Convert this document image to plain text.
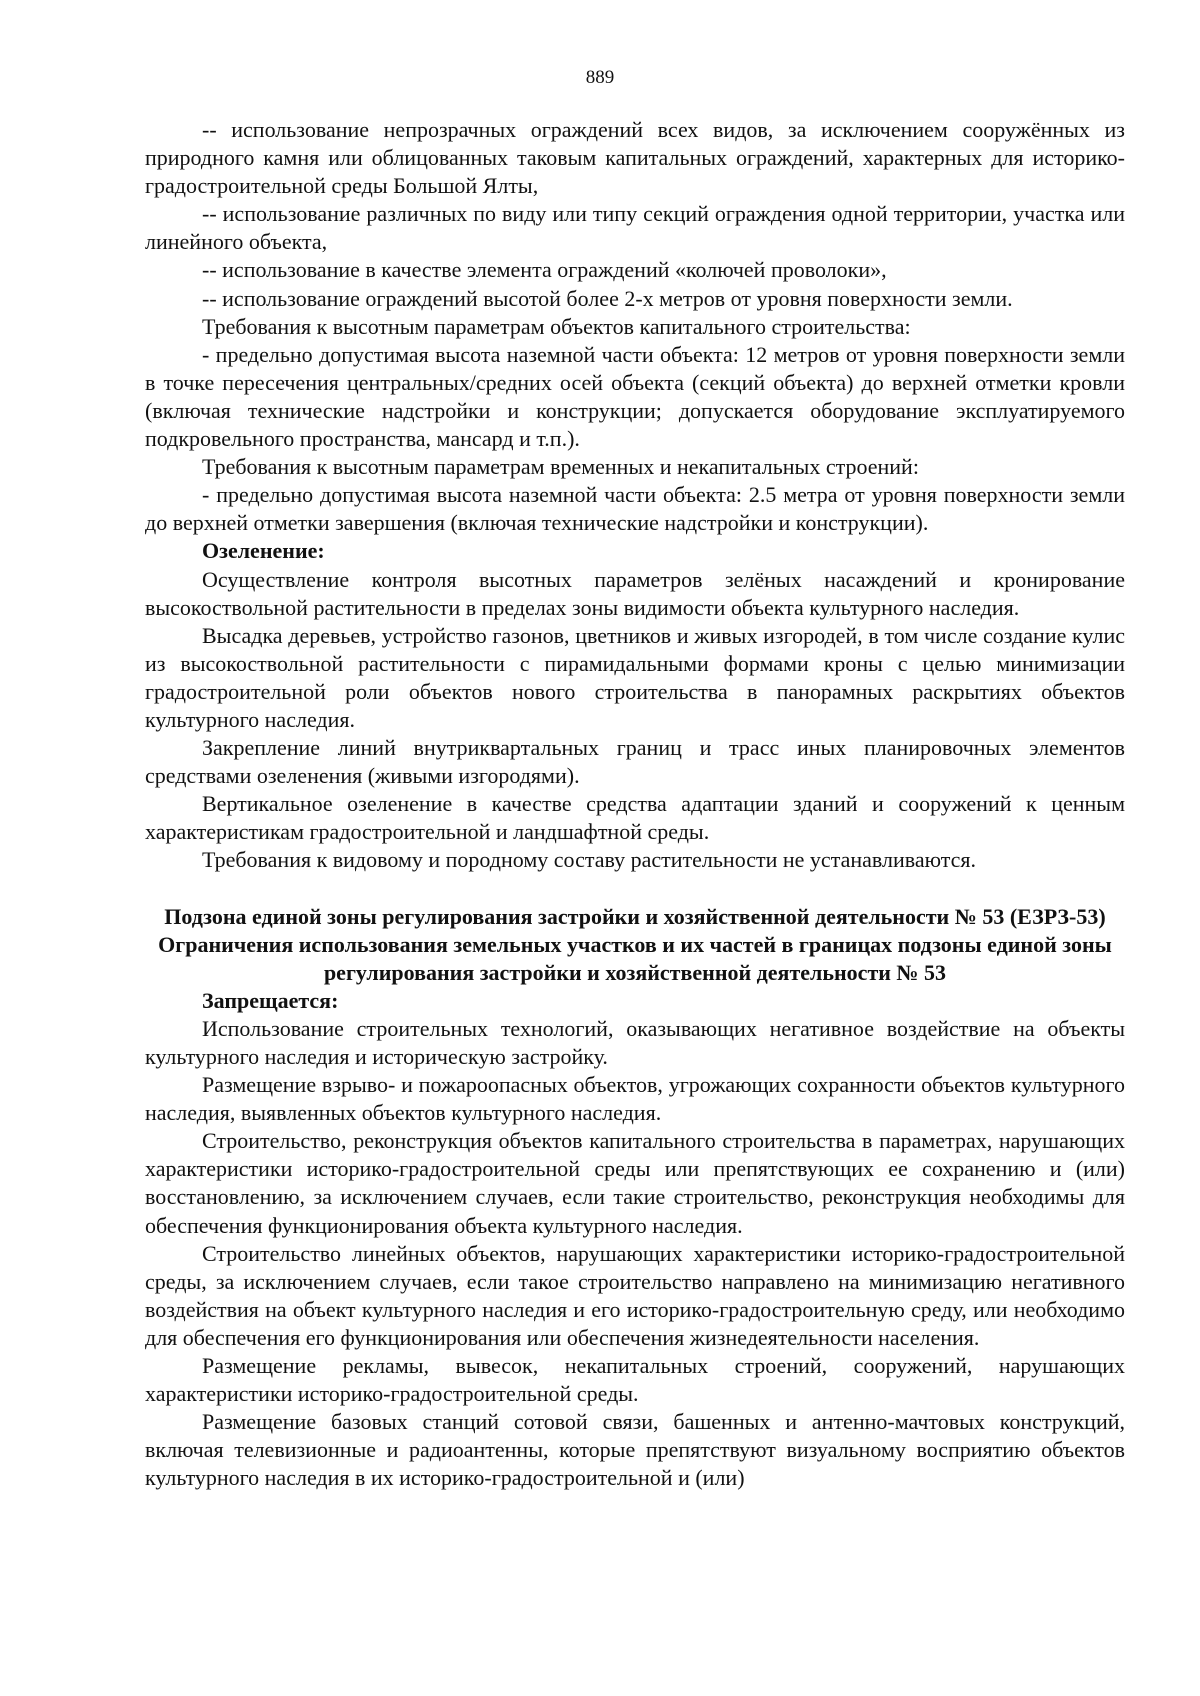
889

-- использование непрозрачных ограждений всех видов, за исключением сооружённых из природного камня или облицованных таковым капитальных ограждений, характерных для историко-градостроительной среды Большой Ялты,

-- использование различных по виду или типу секций ограждения одной территории, участка или линейного объекта,

-- использование в качестве элемента ограждений «колючей проволоки»,

-- использование ограждений высотой более 2-х метров от уровня поверхности земли.

Требования к высотным параметрам объектов капитального строительства:

- предельно допустимая высота наземной части объекта: 12 метров от уровня поверхности земли в точке пересечения центральных/средних осей объекта (секций объекта) до верхней отметки кровли (включая технические надстройки и конструкции; допускается оборудование эксплуатируемого подкровельного пространства, мансард и т.п.).

Требования к высотным параметрам временных и некапитальных строений:

- предельно допустимая высота наземной части объекта: 2.5 метра от уровня поверхности земли до верхней отметки завершения (включая технические надстройки и конструкции).

Озеленение:

Осуществление контроля высотных параметров зелёных насаждений и кронирование высокоствольной растительности в пределах зоны видимости объекта культурного наследия.

Высадка деревьев, устройство газонов, цветников и живых изгородей, в том числе создание кулис из высокоствольной растительности с пирамидальными формами кроны с целью минимизации градостроительной роли объектов нового строительства в панорамных раскрытиях объектов культурного наследия.

Закрепление линий внутриквартальных границ и трасс иных планировочных элементов средствами озеленения (живыми изгородями).

Вертикальное озеленение в качестве средства адаптации зданий и сооружений к ценным характеристикам градостроительной и ландшафтной среды.

Требования к видовому и породному составу растительности не устанавливаются.

Подзона единой зоны регулирования застройки и хозяйственной деятельности № 53 (ЕЗРЗ-53)
Ограничения использования земельных участков и их частей в границах подзоны единой зоны регулирования застройки и хозяйственной деятельности № 53

Запрещается:

Использование строительных технологий, оказывающих негативное воздействие на объекты культурного наследия и историческую застройку.

Размещение взрыво- и пожароопасных объектов, угрожающих сохранности объектов культурного наследия, выявленных объектов культурного наследия.

Строительство, реконструкция объектов капитального строительства в параметрах, нарушающих характеристики историко-градостроительной среды или препятствующих ее сохранению и (или) восстановлению, за исключением случаев, если такие строительство, реконструкция необходимы для обеспечения функционирования объекта культурного наследия.

Строительство линейных объектов, нарушающих характеристики историко-градостроительной среды, за исключением случаев, если такое строительство направлено на минимизацию негативного воздействия на объект культурного наследия и его историко-градостроительную среду, или необходимо для обеспечения его функционирования или обеспечения жизнедеятельности населения.

Размещение рекламы, вывесок, некапитальных строений, сооружений, нарушающих характеристики историко-градостроительной среды.

Размещение базовых станций сотовой связи, башенных и антенно-мачтовых конструкций, включая телевизионные и радиоантенны, которые препятствуют визуальному восприятию объектов культурного наследия в их историко-градостроительной и (или)
